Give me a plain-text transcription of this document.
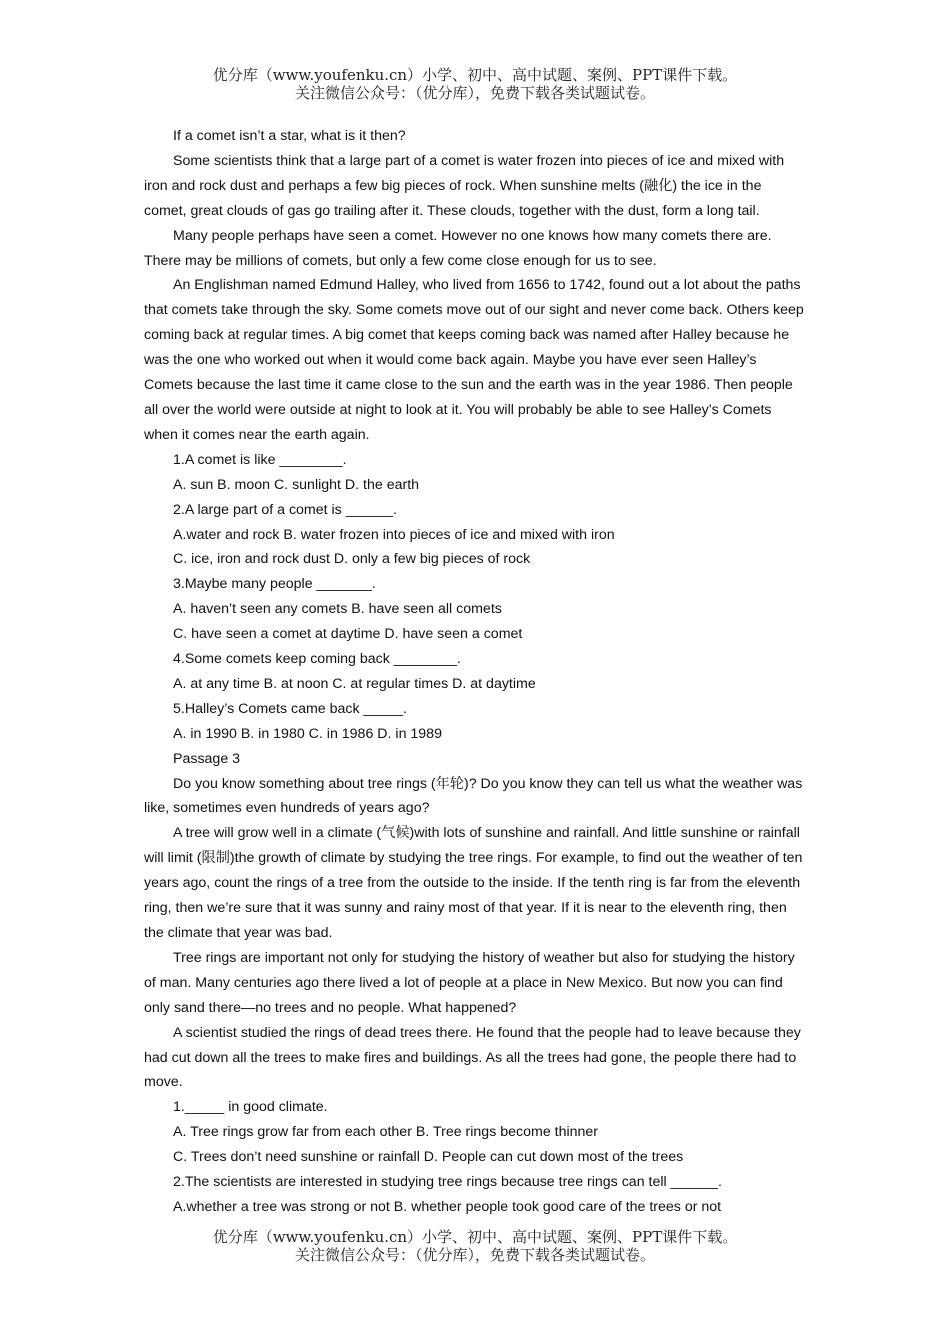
优分库（www.youfenku.cn）小学、初中、高中试题、案例、PPT课件下载。
关注微信公众号：（优分库），免费下载各类试题试卷。

If a comet isn’t a star, what is it then?

Some scientists think that a large part of a comet is water frozen into pieces of ice and mixed with iron and rock dust and perhaps a few big pieces of rock. When sunshine melts (融化) the ice in the comet, great clouds of gas go trailing after it. These clouds, together with the dust, form a long tail.

Many people perhaps have seen a comet. However no one knows how many comets there are. There may be millions of comets, but only a few come close enough for us to see.

An Englishman named Edmund Halley, who lived from 1656 to 1742, found out a lot about the paths that comets take through the sky. Some comets move out of our sight and never come back. Others keep coming back at regular times. A big comet that keeps coming back was named after Halley because he was the one who worked out when it would come back again. Maybe you have ever seen Halley’s Comets because the last time it came close to the sun and the earth was in the year 1986. Then people all over the world were outside at night to look at it. You will probably be able to see Halley’s Comets when it comes near the earth again.

1.A comet is like ________.

A. sun B. moon C. sunlight D. the earth

2.A large part of a comet is ______.

A.water and rock B. water frozen into pieces of ice and mixed with iron

C. ice, iron and rock dust D. only a few big pieces of rock

3.Maybe many people _______.

A. haven’t seen any comets B. have seen all comets

C. have seen a comet at daytime D. have seen a comet

4.Some comets keep coming back ________.

A. at any time B. at noon C. at regular times D. at daytime

5.Halley’s Comets came back _____.

A. in 1990 B. in 1980 C. in 1986 D. in 1989

Passage 3

Do you know something about tree rings (年轮)? Do you know they can tell us what the weather was like, sometimes even hundreds of years ago?

A tree will grow well in a climate (气候)with lots of sunshine and rainfall. And little sunshine or rainfall will limit (限制)the growth of climate by studying the tree rings. For example, to find out the weather of ten years ago, count the rings of a tree from the outside to the inside. If the tenth ring is far from the eleventh ring, then we’re sure that it was sunny and rainy most of that year. If it is near to the eleventh ring, then the climate that year was bad.

Tree rings are important not only for studying the history of weather but also for studying the history of man. Many centuries ago there lived a lot of people at a place in New Mexico. But now you can find only sand there—no trees and no people. What happened?

A scientist studied the rings of dead trees there. He found that the people had to leave because they had cut down all the trees to make fires and buildings. As all the trees had gone, the people there had to move.

1._____ in good climate.

A. Tree rings grow far from each other B. Tree rings become thinner

C. Trees don’t need sunshine or rainfall D. People can cut down most of the trees

2.The scientists are interested in studying tree rings because tree rings can tell ______.

A.whether a tree was strong or not B. whether people took good care of the trees or not

优分库（www.youfenku.cn）小学、初中、高中试题、案例、PPT课件下载。
关注微信公众号：（优分库），免费下载各类试题试卷。
